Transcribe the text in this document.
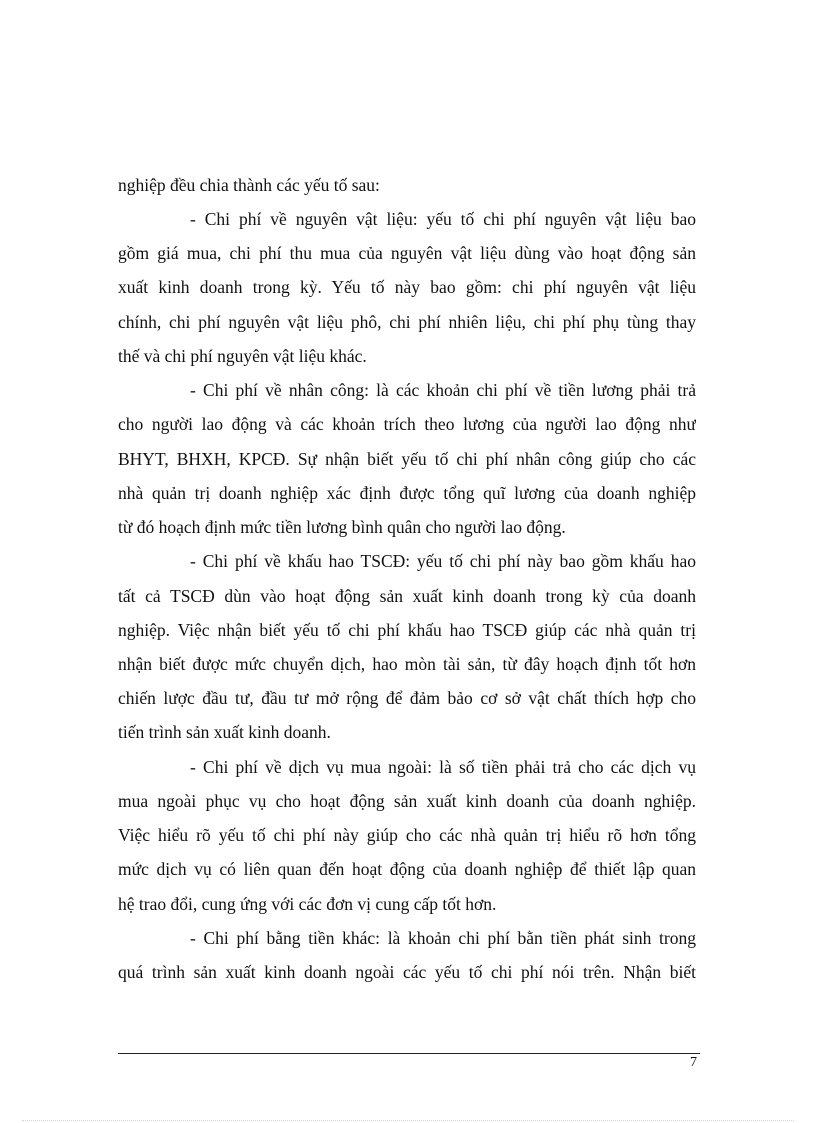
nghiệp đều chia thành các yếu tố sau:
- Chi phí về nguyên vật liệu: yếu tố chi phí nguyên vật liệu bao
gồm giá mua, chi phí thu mua của nguyên vật liệu dùng vào hoạt động sản
xuất kinh doanh trong kỳ. Yếu tố này bao gồm: chi phí nguyên vật liệu
chính, chi phí nguyên vật liệu phô, chi phí nhiên liệu, chi phí phụ tùng thay
thế và chi phí nguyên vật liệu khác.
- Chi phí về nhân công: là các khoản chi phí về tiền lương phải trả
cho người lao động và các khoản trích theo lương của người lao động như
BHYT, BHXH, KPCĐ. Sự nhận biết yếu tố chi phí nhân công giúp cho các
nhà quản trị doanh nghiệp xác định được tổng quĩ lương của doanh nghiệp
từ đó hoạch định mức tiền lương bình quân cho người lao động.
- Chi phí về khấu hao TSCĐ: yếu tố chi phí này bao gồm khấu hao
tất cả TSCĐ dùn vào hoạt động sản xuất kinh doanh trong kỳ của doanh
nghiệp. Việc nhận biết yếu tố chi phí khấu hao TSCĐ giúp các nhà quản trị
nhận biết được mức chuyển dịch, hao mòn tài sản, từ đây hoạch định tốt hơn
chiến lược đầu tư, đầu tư mở rộng để đảm bảo cơ sở vật chất thích hợp cho
tiến trình sản xuất kinh doanh.
- Chi phí về dịch vụ mua ngoài: là số tiền phải trả cho các dịch vụ
mua ngoài phục vụ cho hoạt động sản xuất kinh doanh của doanh nghiệp.
Việc hiểu rõ yếu tố chi phí này giúp cho các nhà quản trị hiểu rõ hơn tổng
mức dịch vụ có liên quan đến hoạt động của doanh nghiệp để thiết lập quan
hệ trao đổi, cung ứng với các đơn vị cung cấp tốt hơn.
- Chi phí bằng tiền khác: là khoản chi phí bằn tiền phát sinh trong
quá trình sản xuất kinh doanh ngoài các yếu tố chi phí nói trên. Nhận biết
7
